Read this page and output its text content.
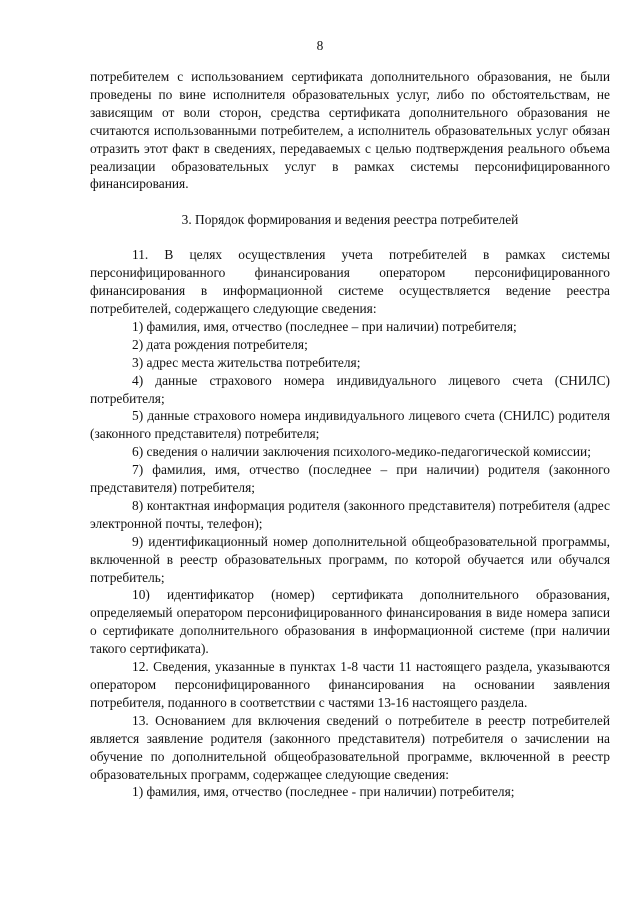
8

потребителем с использованием сертификата дополнительного образования, не были проведены по вине исполнителя образовательных услуг, либо по обстоятельствам, не зависящим от воли сторон, средства сертификата дополнительного образования не считаются использованными потребителем, а исполнитель образовательных услуг обязан отразить этот факт в сведениях, передаваемых с целью подтверждения реального объема реализации образовательных услуг в рамках системы персонифицированного финансирования.

3. Порядок формирования и ведения реестра потребителей

11. В целях осуществления учета потребителей в рамках системы персонифицированного финансирования оператором персонифицированного финансирования в информационной системе осуществляется ведение реестра потребителей, содержащего следующие сведения:

1) фамилия, имя, отчество (последнее – при наличии) потребителя;

2) дата рождения потребителя;

3) адрес места жительства потребителя;

4) данные страхового номера индивидуального лицевого счета (СНИЛС) потребителя;

5) данные страхового номера индивидуального лицевого счета (СНИЛС) родителя (законного представителя) потребителя;

6) сведения о наличии заключения психолого-медико-педагогической комиссии;

7) фамилия, имя, отчество (последнее – при наличии) родителя (законного представителя) потребителя;

8) контактная информация родителя (законного представителя) потребителя (адрес электронной почты, телефон);

9) идентификационный номер дополнительной общеобразовательной программы, включенной в реестр образовательных программ, по которой обучается или обучался потребитель;

10) идентификатор (номер) сертификата дополнительного образования, определяемый оператором персонифицированного финансирования в виде номера записи о сертификате дополнительного образования в информационной системе (при наличии такого сертификата).

12. Сведения, указанные в пунктах 1-8 части 11 настоящего раздела, указываются оператором персонифицированного финансирования на основании заявления потребителя, поданного в соответствии с частями 13-16 настоящего раздела.

13. Основанием для включения сведений о потребителе в реестр потребителей является заявление родителя (законного представителя) потребителя о зачислении на обучение по дополнительной общеобразовательной программе, включенной в реестр образовательных программ, содержащее следующие сведения:

1) фамилия, имя, отчество (последнее - при наличии) потребителя;
